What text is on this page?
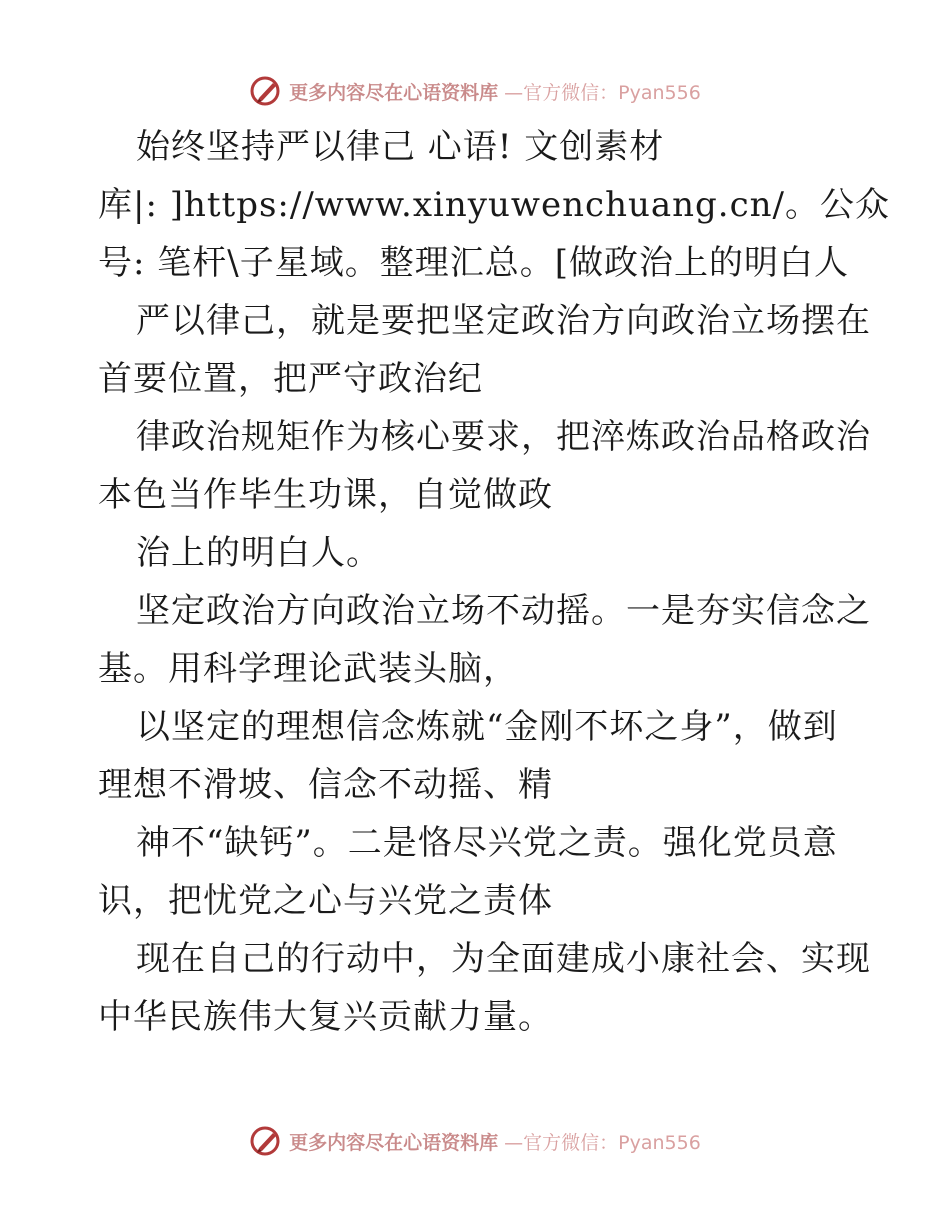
更多内容尽在心语资料库 —官方微信：Pyan556
始终坚持严以律己 心语! 文创素材
库|: ]https://www.xinyuwenchuang.cn/。公众
号: 笔杆\子星域。整理汇总。[做政治上的明白人
严以律己，就是要把坚定政治方向政治立场摆在
首要位置，把严守政治纪
律政治规矩作为核心要求，把淬炼政治品格政治
本色当作毕生功课，自觉做政
治上的明白人。
坚定政治方向政治立场不动摇。一是夯实信念之
基。用科学理论武装头脑，
以坚定的理想信念炼就“金刚不坏之身”，做到
理想不滑坡、信念不动摇、精
神不“缺钙”。二是恪尽兴党之责。强化党员意
识，把忧党之心与兴党之责体
现在自己的行动中，为全面建成小康社会、实现
中华民族伟大复兴贡献力量。
更多内容尽在心语资料库 —官方微信：Pyan556
